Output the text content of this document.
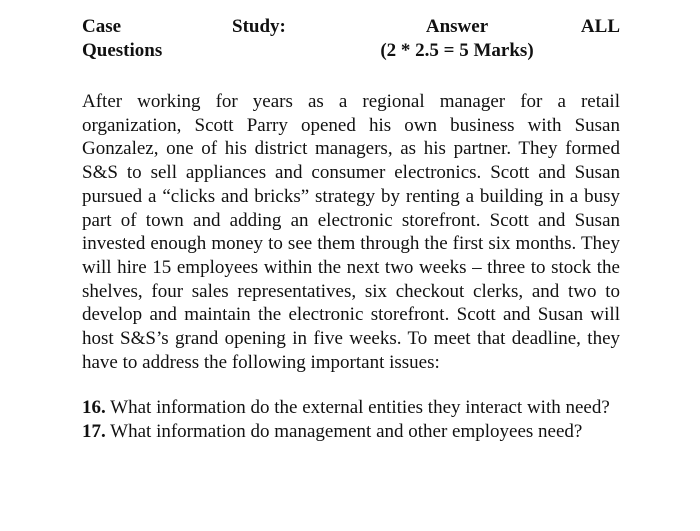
Case Questions
Study:	Answer
(2 * 2.5 = 5 Marks)
ALL

After working for years as a regional manager for a retail organization, Scott Parry opened his own business with Susan Gonzalez, one of his district managers, as his partner. They formed S&S to sell appliances and consumer electronics. Scott and Susan pursued a “clicks and bricks” strategy by renting a building in a busy part of town and adding an electronic storefront. Scott and Susan invested enough money to see them through the first six months. They will hire 15 employees within the next two weeks – three to stock the shelves, four sales representatives, six checkout clerks, and two to develop and maintain the electronic storefront. Scott and Susan will host S&S’s grand opening in five weeks. To meet that deadline, they have to address the following important issues:

16. What information do the external entities they interact with need?

17. What information do management and other employees need?
